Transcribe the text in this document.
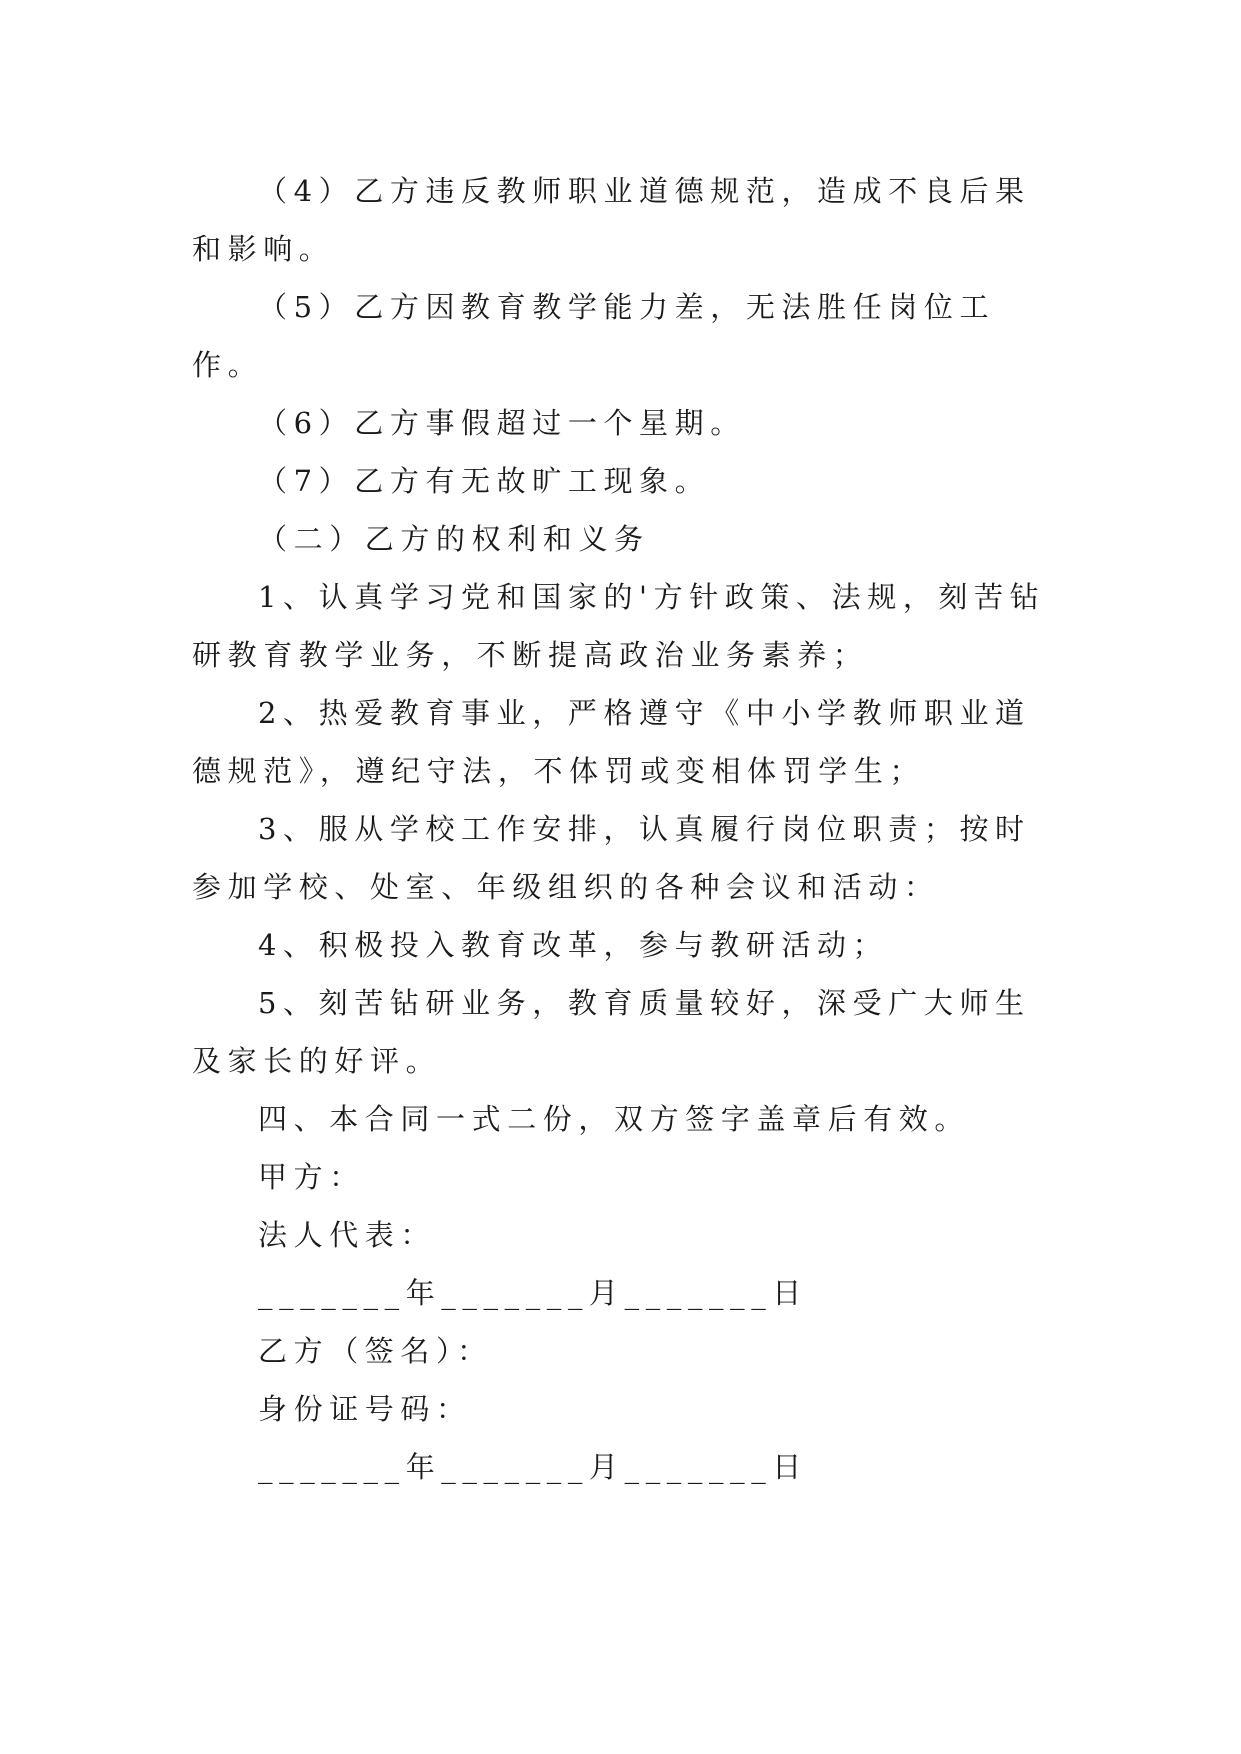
（4）乙方违反教师职业道德规范，造成不良后果和影响。

（5）乙方因教育教学能力差，无法胜任岗位工作。

（6）乙方事假超过一个星期。

（7）乙方有无故旷工现象。

（二）乙方的权利和义务

1、认真学习党和国家的'方针政策、法规，刻苦钻研教育教学业务，不断提高政治业务素养；

2、热爱教育事业，严格遵守《中小学教师职业道德规范》，遵纪守法，不体罚或变相体罚学生；

3、服从学校工作安排，认真履行岗位职责；按时参加学校、处室、年级组织的各种会议和活动：

4、积极投入教育改革，参与教研活动；

5、刻苦钻研业务，教育质量较好，深受广大师生及家长的好评。

四、本合同一式二份，双方签字盖章后有效。

甲方：

法人代表：

_______年_______月_______日

乙方（签名）：

身份证号码：

_______年_______月_______日
